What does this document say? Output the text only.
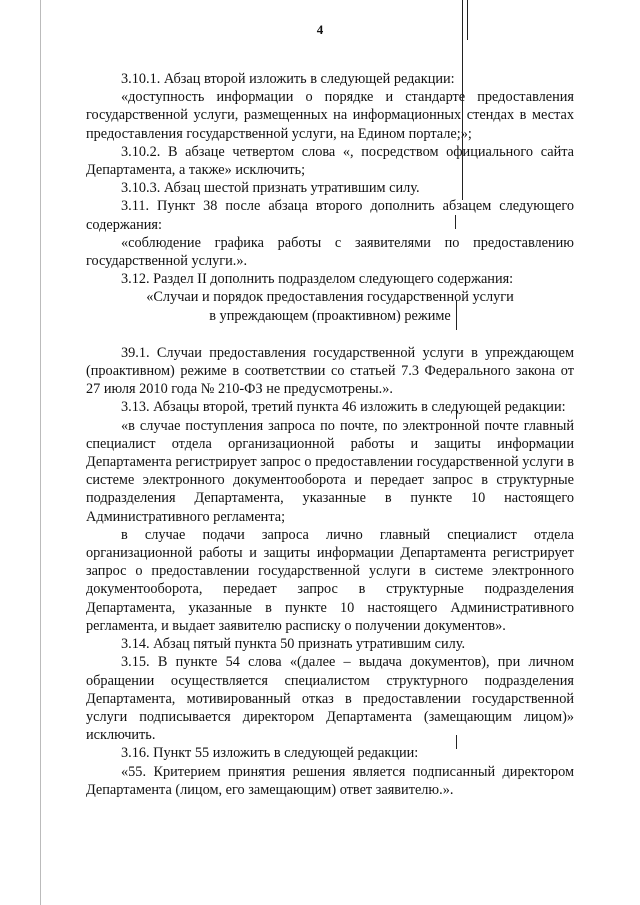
4

3.10.1. Абзац второй изложить в следующей редакции:

«доступность информации о порядке и стандарте предоставления государственной услуги, размещенных на информационных стендах в местах предоставления государственной услуги, на Едином портале;»;

3.10.2. В абзаце четвертом слова «, посредством официального сайта Департамента, а также» исключить;

3.10.3. Абзац шестой признать утратившим силу.

3.11. Пункт 38 после абзаца второго дополнить абзацем следующего содержания:

«соблюдение графика работы с заявителями по предоставлению государственной услуги.».

3.12. Раздел II дополнить подразделом следующего содержания:

«Случаи и порядок предоставления государственной услуги

в упреждающем (проактивном) режиме

39.1. Случаи предоставления государственной услуги в упреждающем (проактивном) режиме в соответствии со статьей 7.3 Федерального закона от 27 июля 2010 года № 210-ФЗ не предусмотрены.».

3.13. Абзацы второй, третий пункта 46 изложить в следующей редакции:

«в случае поступления запроса по почте, по электронной почте главный специалист отдела организационной работы и защиты информации Департамента регистрирует запрос о предоставлении государственной услуги в системе электронного документооборота и передает запрос в структурные подразделения Департамента, указанные в пункте 10 настоящего Административного регламента;

в случае подачи запроса лично главный специалист отдела организационной работы и защиты информации Департамента регистрирует запрос о предоставлении государственной услуги в системе электронного документооборота, передает запрос в структурные подразделения Департамента, указанные в пункте 10 настоящего Административного регламента, и выдает заявителю расписку о получении документов».

3.14. Абзац пятый пункта 50 признать утратившим силу.

3.15. В пункте 54 слова «(далее – выдача документов), при личном обращении осуществляется специалистом структурного подразделения Департамента, мотивированный отказ в предоставлении государственной услуги подписывается директором Департамента (замещающим лицом)» исключить.

3.16. Пункт 55 изложить в следующей редакции:

«55. Критерием принятия решения является подписанный директором Департамента (лицом, его замещающим) ответ заявителю.».
